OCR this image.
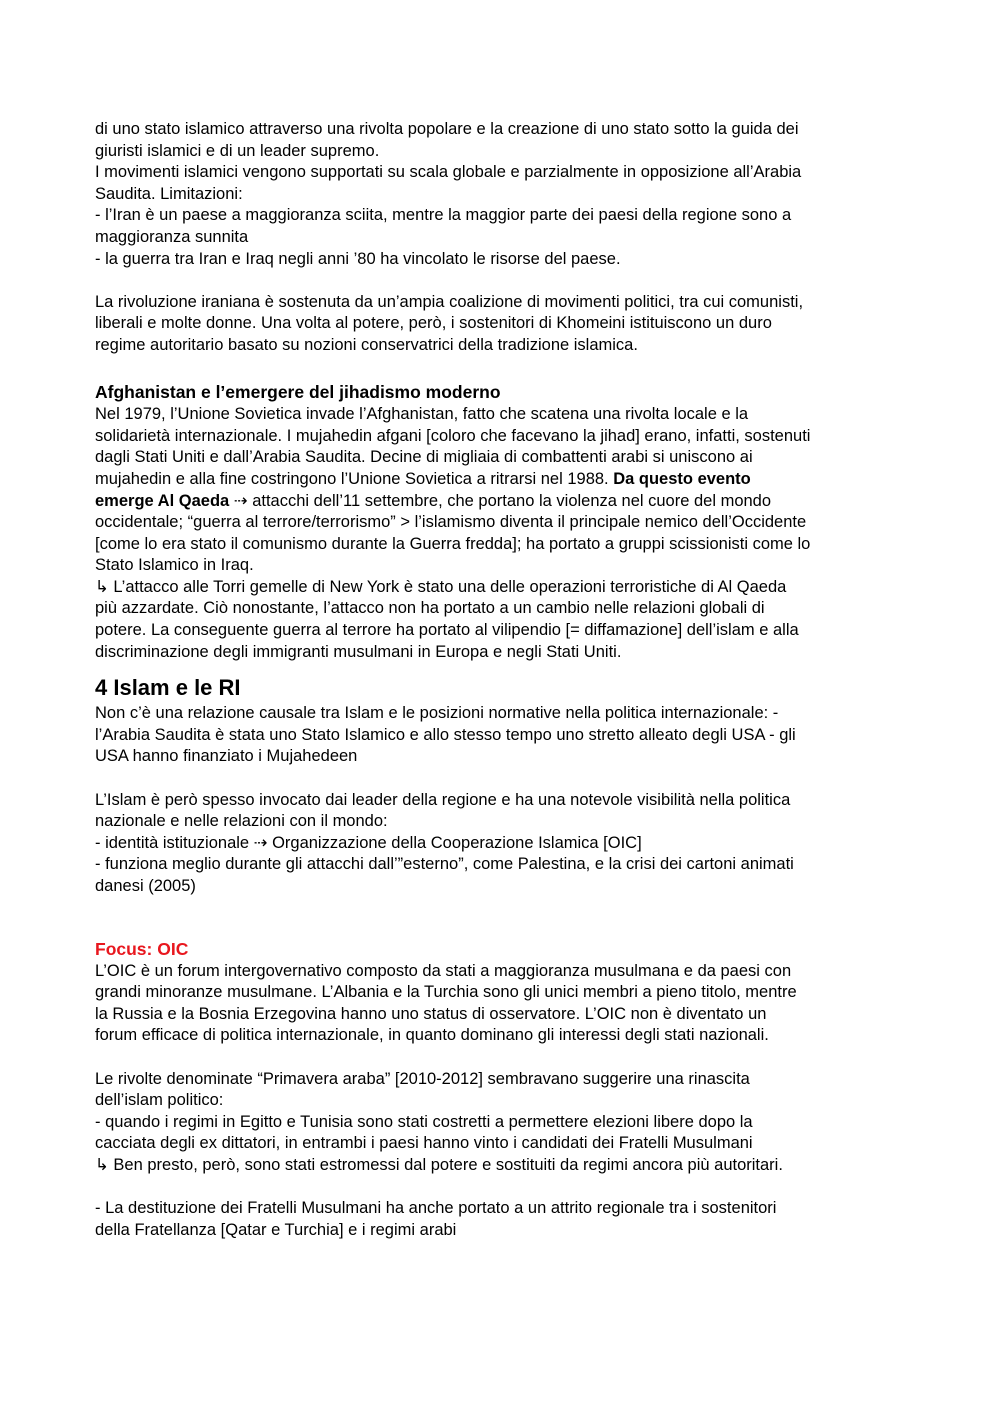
di uno stato islamico attraverso una rivolta popolare e la creazione di uno stato sotto la guida dei
giuristi islamici e di un leader supremo.
I movimenti islamici vengono supportati su scala globale e parzialmente in opposizione all’Arabia
Saudita. Limitazioni:
- l’Iran è un paese a maggioranza sciita, mentre la maggior parte dei paesi della regione sono a
maggioranza sunnita
- la guerra tra Iran e Iraq negli anni ’80 ha vincolato le risorse del paese.
La rivoluzione iraniana è sostenuta da un’ampia coalizione di movimenti politici, tra cui comunisti,
liberali e molte donne. Una volta al potere, però, i sostenitori di Khomeini istituiscono un duro
regime autoritario basato su nozioni conservatrici della tradizione islamica.
Afghanistan e l’emergere del jihadismo moderno
Nel 1979, l’Unione Sovietica invade l’Afghanistan, fatto che scatena una rivolta locale e la
solidarietà internazionale. I mujahedin afgani [coloro che facevano la jihad] erano, infatti, sostenuti
dagli Stati Uniti e dall’Arabia Saudita. Decine di migliaia di combattenti arabi si uniscono ai
mujahedin e alla fine costringono l’Unione Sovietica a ritrarsi nel 1988. Da questo evento
emerge Al Qaeda ⇢ attacchi dell’11 settembre, che portano la violenza nel cuore del mondo
occidentale; “guerra al terrore/terrorismo” > l’islamismo diventa il principale nemico dell’Occidente
[come lo era stato il comunismo durante la Guerra fredda]; ha portato a gruppi scissionisti come lo
Stato Islamico in Iraq.
↳ L’attacco alle Torri gemelle di New York è stato una delle operazioni terroristiche di Al Qaeda
più azzardate. Ciò nonostante, l’attacco non ha portato a un cambio nelle relazioni globali di
potere. La conseguente guerra al terrore ha portato al vilipendio [= diffamazione] dell’islam e alla
discriminazione degli immigranti musulmani in Europa e negli Stati Uniti.
4 Islam e le RI
Non c’è una relazione causale tra Islam e le posizioni normative nella politica internazionale: -
l’Arabia Saudita è stata uno Stato Islamico e allo stesso tempo uno stretto alleato degli USA - gli
USA hanno finanziato i Mujahedeen
L’Islam è però spesso invocato dai leader della regione e ha una notevole visibilità nella politica
nazionale e nelle relazioni con il mondo:
- identità istituzionale ⇢ Organizzazione della Cooperazione Islamica [OIC]
- funziona meglio durante gli attacchi dall’”esterno”, come Palestina, e la crisi dei cartoni animati
danesi (2005)
Focus: OIC
L’OIC è un forum intergovernativo composto da stati a maggioranza musulmana e da paesi con
grandi minoranze musulmane. L’Albania e la Turchia sono gli unici membri a pieno titolo, mentre
la Russia e la Bosnia Erzegovina hanno uno status di osservatore. L’OIC non è diventato un
forum efficace di politica internazionale, in quanto dominano gli interessi degli stati nazionali.
Le rivolte denominate “Primavera araba” [2010-2012] sembravano suggerire una rinascita
dell’islam politico:
- quando i regimi in Egitto e Tunisia sono stati costretti a permettere elezioni libere dopo la
cacciata degli ex dittatori, in entrambi i paesi hanno vinto i candidati dei Fratelli Musulmani
↳ Ben presto, però, sono stati estromessi dal potere e sostituiti da regimi ancora più autoritari.
- La destituzione dei Fratelli Musulmani ha anche portato a un attrito regionale tra i sostenitori
della Fratellanza [Qatar e Turchia] e i regimi arabi
